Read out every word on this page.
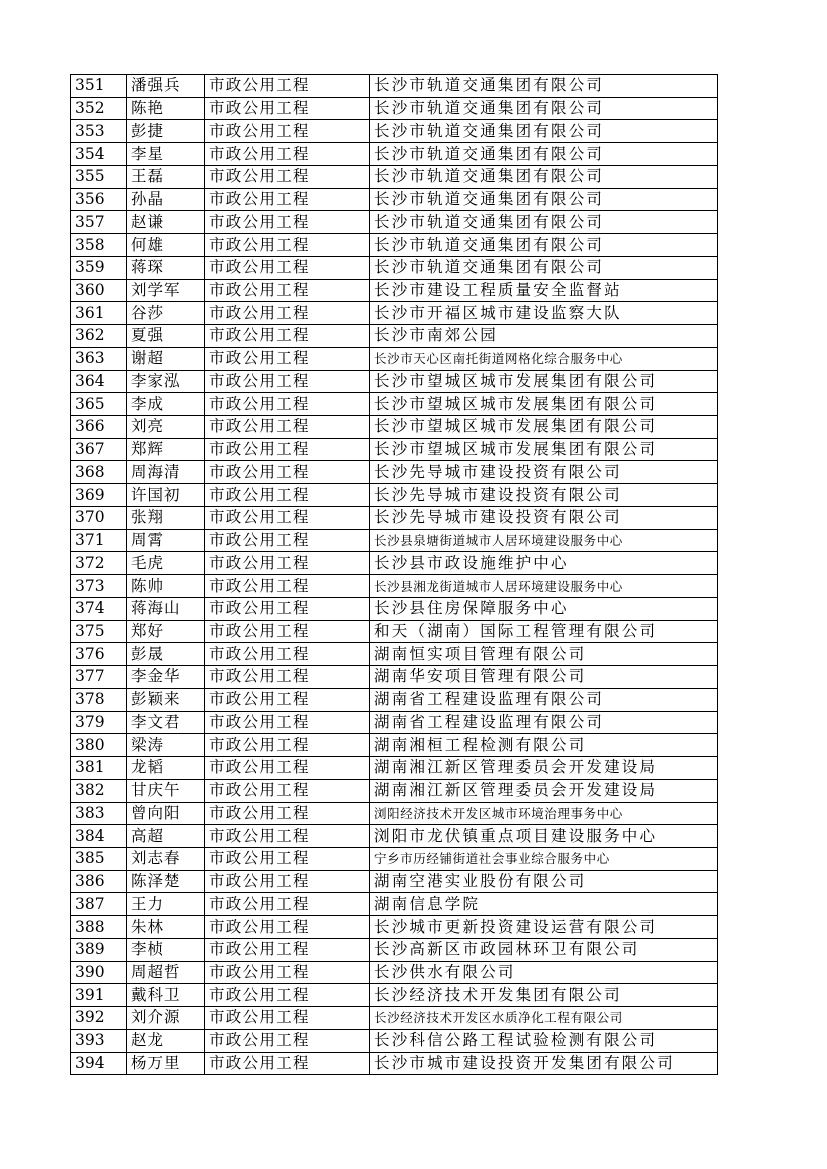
351	潘强兵	市政公用工程	长沙市轨道交通集团有限公司
352	陈艳	市政公用工程	长沙市轨道交通集团有限公司
353	彭捷	市政公用工程	长沙市轨道交通集团有限公司
354	李星	市政公用工程	长沙市轨道交通集团有限公司
355	王磊	市政公用工程	长沙市轨道交通集团有限公司
356	孙晶	市政公用工程	长沙市轨道交通集团有限公司
357	赵谦	市政公用工程	长沙市轨道交通集团有限公司
358	何雄	市政公用工程	长沙市轨道交通集团有限公司
359	蒋琛	市政公用工程	长沙市轨道交通集团有限公司
360	刘学军	市政公用工程	长沙市建设工程质量安全监督站
361	谷莎	市政公用工程	长沙市开福区城市建设监察大队
362	夏强	市政公用工程	长沙市南郊公园
363	谢超	市政公用工程	长沙市天心区南托街道网格化综合服务中心
364	李家泓	市政公用工程	长沙市望城区城市发展集团有限公司
365	李成	市政公用工程	长沙市望城区城市发展集团有限公司
366	刘亮	市政公用工程	长沙市望城区城市发展集团有限公司
367	郑辉	市政公用工程	长沙市望城区城市发展集团有限公司
368	周海清	市政公用工程	长沙先导城市建设投资有限公司
369	许国初	市政公用工程	长沙先导城市建设投资有限公司
370	张翔	市政公用工程	长沙先导城市建设投资有限公司
371	周霄	市政公用工程	长沙县泉塘街道城市人居环境建设服务中心
372	毛虎	市政公用工程	长沙县市政设施维护中心
373	陈帅	市政公用工程	长沙县湘龙街道城市人居环境建设服务中心
374	蒋海山	市政公用工程	长沙县住房保障服务中心
375	郑好	市政公用工程	和天（湖南）国际工程管理有限公司
376	彭晟	市政公用工程	湖南恒实项目管理有限公司
377	李金华	市政公用工程	湖南华安项目管理有限公司
378	彭颖来	市政公用工程	湖南省工程建设监理有限公司
379	李文君	市政公用工程	湖南省工程建设监理有限公司
380	梁涛	市政公用工程	湖南湘桓工程检测有限公司
381	龙韬	市政公用工程	湖南湘江新区管理委员会开发建设局
382	甘庆午	市政公用工程	湖南湘江新区管理委员会开发建设局
383	曾向阳	市政公用工程	浏阳经济技术开发区城市环境治理事务中心
384	高超	市政公用工程	浏阳市龙伏镇重点项目建设服务中心
385	刘志春	市政公用工程	宁乡市历经铺街道社会事业综合服务中心
386	陈泽楚	市政公用工程	湖南空港实业股份有限公司
387	王力	市政公用工程	湖南信息学院
388	朱林	市政公用工程	长沙城市更新投资建设运营有限公司
389	李桢	市政公用工程	长沙高新区市政园林环卫有限公司
390	周超哲	市政公用工程	长沙供水有限公司
391	戴科卫	市政公用工程	长沙经济技术开发集团有限公司
392	刘介源	市政公用工程	长沙经济技术开发区水质净化工程有限公司
393	赵龙	市政公用工程	长沙科信公路工程试验检测有限公司
394	杨万里	市政公用工程	长沙市城市建设投资开发集团有限公司
